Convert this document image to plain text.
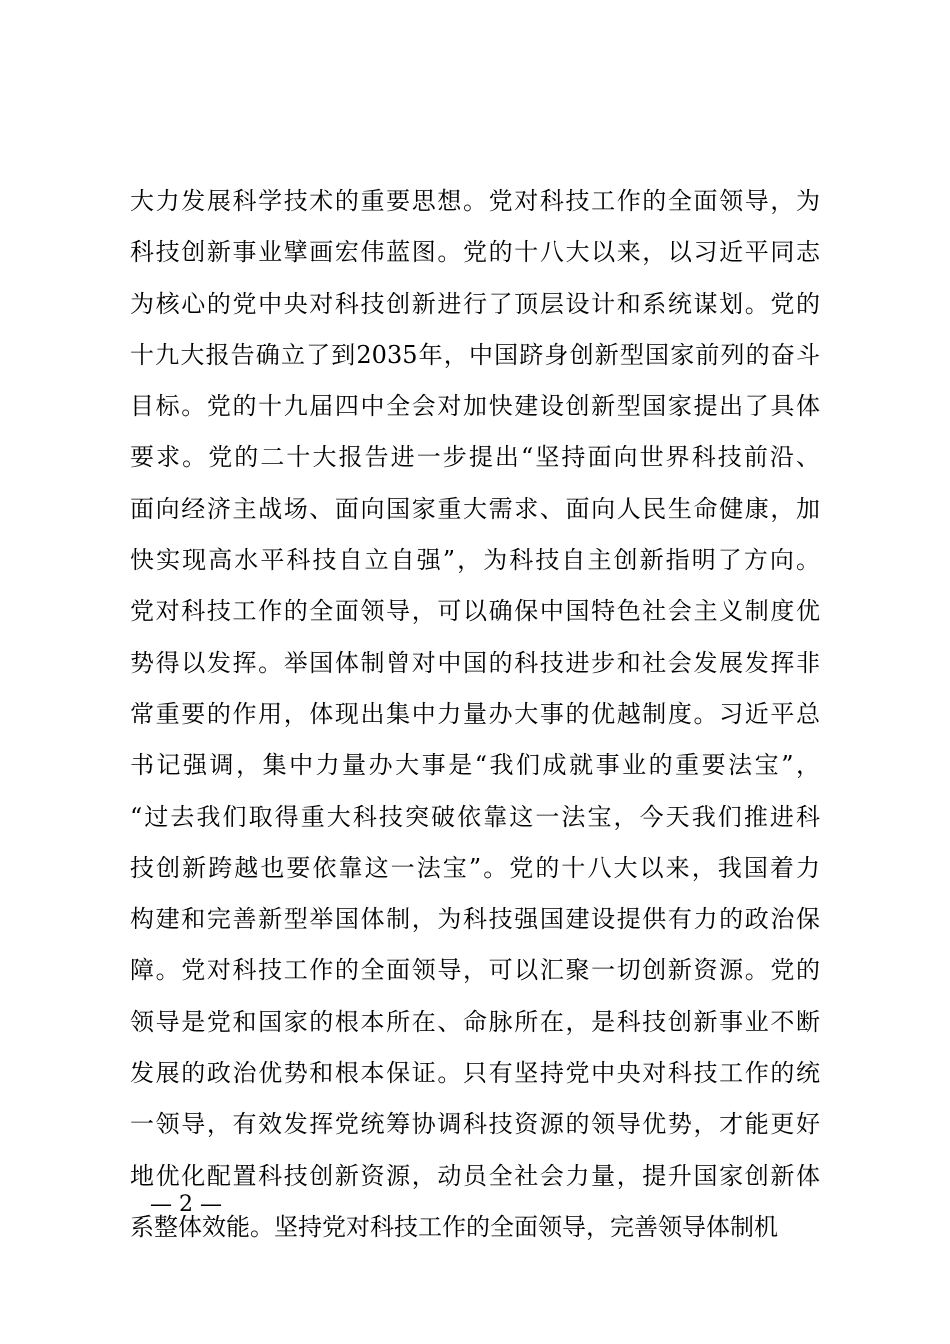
大力发展科学技术的重要思想。党对科技工作的全面领导，为
科技创新事业擘画宏伟蓝图。党的十八大以来，以习近平同志
为核心的党中央对科技创新进行了顶层设计和系统谋划。党的
十九大报告确立了到2035年，中国跻身创新型国家前列的奋斗
目标。党的十九届四中全会对加快建设创新型国家提出了具体
要求。党的二十大报告进一步提出“坚持面向世界科技前沿、
面向经济主战场、面向国家重大需求、面向人民生命健康，加
快实现高水平科技自立自强”，为科技自主创新指明了方向。
党对科技工作的全面领导，可以确保中国特色社会主义制度优
势得以发挥。举国体制曾对中国的科技进步和社会发展发挥非
常重要的作用，体现出集中力量办大事的优越制度。习近平总
书记强调，集中力量办大事是“我们成就事业的重要法宝”，
“过去我们取得重大科技突破依靠这一法宝，今天我们推进科
技创新跨越也要依靠这一法宝”。党的十八大以来，我国着力
构建和完善新型举国体制，为科技强国建设提供有力的政治保
障。党对科技工作的全面领导，可以汇聚一切创新资源。党的
领导是党和国家的根本所在、命脉所在，是科技创新事业不断
发展的政治优势和根本保证。只有坚持党中央对科技工作的统
一领导，有效发挥党统筹协调科技资源的领导优势，才能更好
地优化配置科技创新资源，动员全社会力量，提升国家创新体
系整体效能。坚持党对科技工作的全面领导，完善领导体制机
— 2 —
